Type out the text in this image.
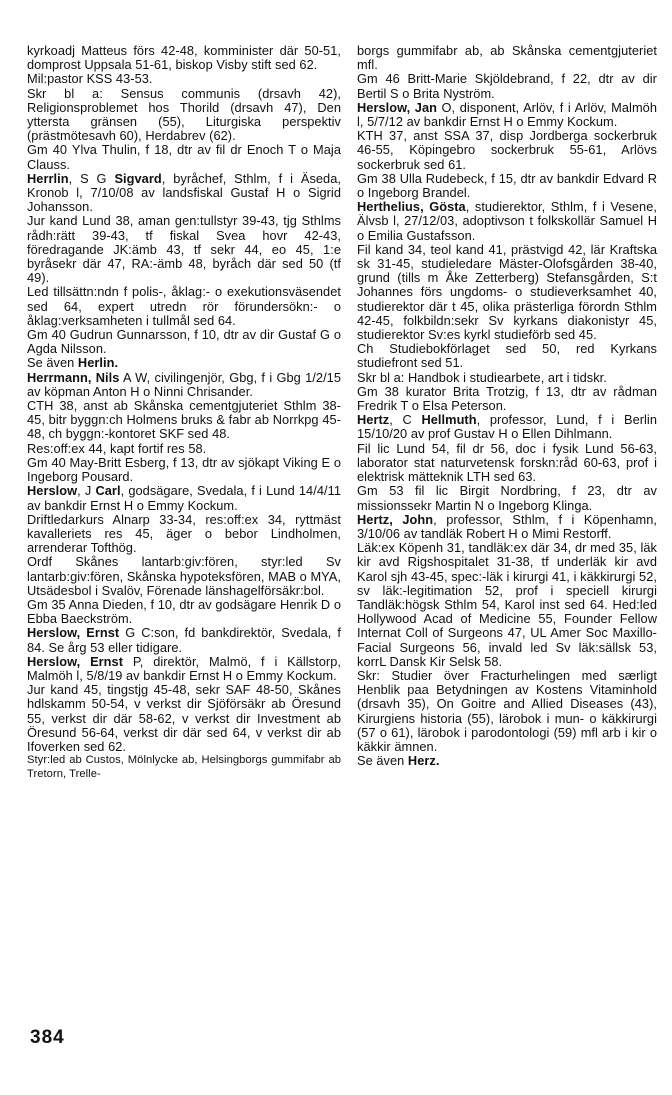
kyrkoadj Matteus förs 42-48, komminister där 50-51, domprost Uppsala 51-61, biskop Visby stift sed 62.

Mil:pastor KSS 43-53.

Skr bl a: Sensus communis (drsavh 42), Religionsproblemet hos Thorild (drsavh 47), Den yttersta gränsen (55), Liturgiska perspektiv (prästmötesavh 60), Herdabrev (62).

Gm 40 Ylva Thulin, f 18, dtr av fil dr Enoch T o Maja Clauss.

Herrlin, S G Sigvard, byråchef, Sthlm, f i Äseda, Kronob l, 7/10/08 av landsfiskal Gustaf H o Sigrid Johansson.

Jur kand Lund 38, aman gen:tullstyr 39-43, tjg Sthlms rådh:rätt 39-43, tf fiskal Svea hovr 42-43, föredragande JK:ämb 43, tf sekr 44, eo 45, 1:e byråsekr där 47, RA:-ämb 48, byråch där sed 50 (tf 49).

Led tillsättn:ndn f polis-, åklag:- o exekutionsväsendet sed 64, expert utredn rör förundersökn:- o åklag:verksamheten i tullmål sed 64.

Gm 40 Gudrun Gunnarsson, f 10, dtr av dir Gustaf G o Agda Nilsson.

Se även Herlin.

Herrmann, Nils A W, civilingenjör, Gbg, f i Gbg 1/2/15 av köpman Anton H o Ninni Chrisander.

CTH 38, anst ab Skånska cementgjuteriet Sthlm 38-45, bitr byggn:ch Holmens bruks & fabr ab Norrkpg 45-48, ch byggn:-kontoret SKF sed 48.

Res:off:ex 44, kapt fortif res 58.

Gm 40 May-Britt Esberg, f 13, dtr av sjökapt Viking E o Ingeborg Pousard.

Herslow, J Carl, godsägare, Svedala, f i Lund 14/4/11 av bankdir Ernst H o Emmy Kockum.

Driftledarkurs Alnarp 33-34, res:off:ex 34, ryttmäst kavalleriets res 45, äger o bebor Lindholmen, arrenderar Tofthög.

Ordf Skånes lantarb:giv:fören, styr:led Sv lantarb:giv:fören, Skånska hypoteksfören, MAB o MYA, Utsädesbol i Svalöv, Förenade länshagelförsäkr:bol.

Gm 35 Anna Dieden, f 10, dtr av godsägare Henrik D o Ebba Baeckström.

Herslow, Ernst G C:son, fd bankdirektör, Svedala, f 84. Se årg 53 eller tidigare.

Herslow, Ernst P, direktör, Malmö, f i Källstorp, Malmöh l, 5/8/19 av bankdir Ernst H o Emmy Kockum.

Jur kand 45, tingstjg 45-48, sekr SAF 48-50, Skånes hdlskamm 50-54, v verkst dir Sjöförsäkr ab Öresund 55, verkst dir där 58-62, v verkst dir Investment ab Öresund 56-64, verkst dir där sed 64, v verkst dir ab Ifoverken sed 62.

Styr:led ab Custos, Mölnlycke ab, Helsingborgs gummifabr ab Tretorn, Trelle-

borgs gummifabr ab, ab Skånska cementgjuteriet mfl.

Gm 46 Britt-Marie Skjöldebrand, f 22, dtr av dir Bertil S o Brita Nyström.

Herslow, Jan O, disponent, Arlöv, f i Arlöv, Malmöh l, 5/7/12 av bankdir Ernst H o Emmy Kockum.

KTH 37, anst SSA 37, disp Jordberga sockerbruk 46-55, Köpingebro sockerbruk 55-61, Arlövs sockerbruk sed 61.

Gm 38 Ulla Rudebeck, f 15, dtr av bankdir Edvard R o Ingeborg Brandel.

Herthelius, Gösta, studierektor, Sthlm, f i Vesene, Älvsb l, 27/12/03, adoptivson t folkskollär Samuel H o Emilia Gustafsson.

Fil kand 34, teol kand 41, prästvigd 42, lär Kraftska sk 31-45, studieledare Mäster-Olofsgården 38-40, grund (tills m Åke Zetterberg) Stefansgården, S:t Johannes förs ungdoms- o studieverksamhet 40, studierektor där t 45, olika prästerliga förordn Sthlm 42-45, folkbildn:sekr Sv kyrkans diakonistyr 45, studierektor Sv:es kyrkl studieförb sed 45.

Ch Studiebokförlaget sed 50, red Kyrkans studiefront sed 51.

Skr bl a: Handbok i studiearbete, art i tidskr.

Gm 38 kurator Brita Trotzig, f 13, dtr av rådman Fredrik T o Elsa Peterson.

Hertz, C Hellmuth, professor, Lund, f i Berlin 15/10/20 av prof Gustav H o Ellen Dihlmann.

Fil lic Lund 54, fil dr 56, doc i fysik Lund 56-63, laborator stat naturvetensk forskn:råd 60-63, prof i elektrisk mätteknik LTH sed 63.

Gm 53 fil lic Birgit Nordbring, f 23, dtr av missionssekr Martin N o Ingeborg Klinga.

Hertz, John, professor, Sthlm, f i Köpenhamn, 3/10/06 av tandläk Robert H o Mimi Restorff.

Läk:ex Köpenh 31, tandläk:ex där 34, dr med 35, läk kir avd Rigshospitalet 31-38, tf underläk kir avd Karol sjh 43-45, spec:-läk i kirurgi 41, i käkkirurgi 52, sv läk:-legitimation 52, prof i speciell kirurgi Tandläk:högsk Sthlm 54, Karol inst sed 64. Hed:led Hollywood Acad of Medicine 55, Founder Fellow Internat Coll of Surgeons 47, UL Amer Soc Maxillo-Facial Surgeons 56, invald led Sv läk:sällsk 53, korrL Dansk Kir Selsk 58.

Skr: Studier över Fracturhelingen med særligt Henblik paa Betydningen av Kostens Vitaminhold (drsavh 35), On Goitre and Allied Diseases (43), Kirurgiens historia (55), lärobok i mun- o käkkirurgi (57 o 61), lärobok i parodontologi (59) mfl arb i kir o käkkir ämnen.

Se även Herz.

384
